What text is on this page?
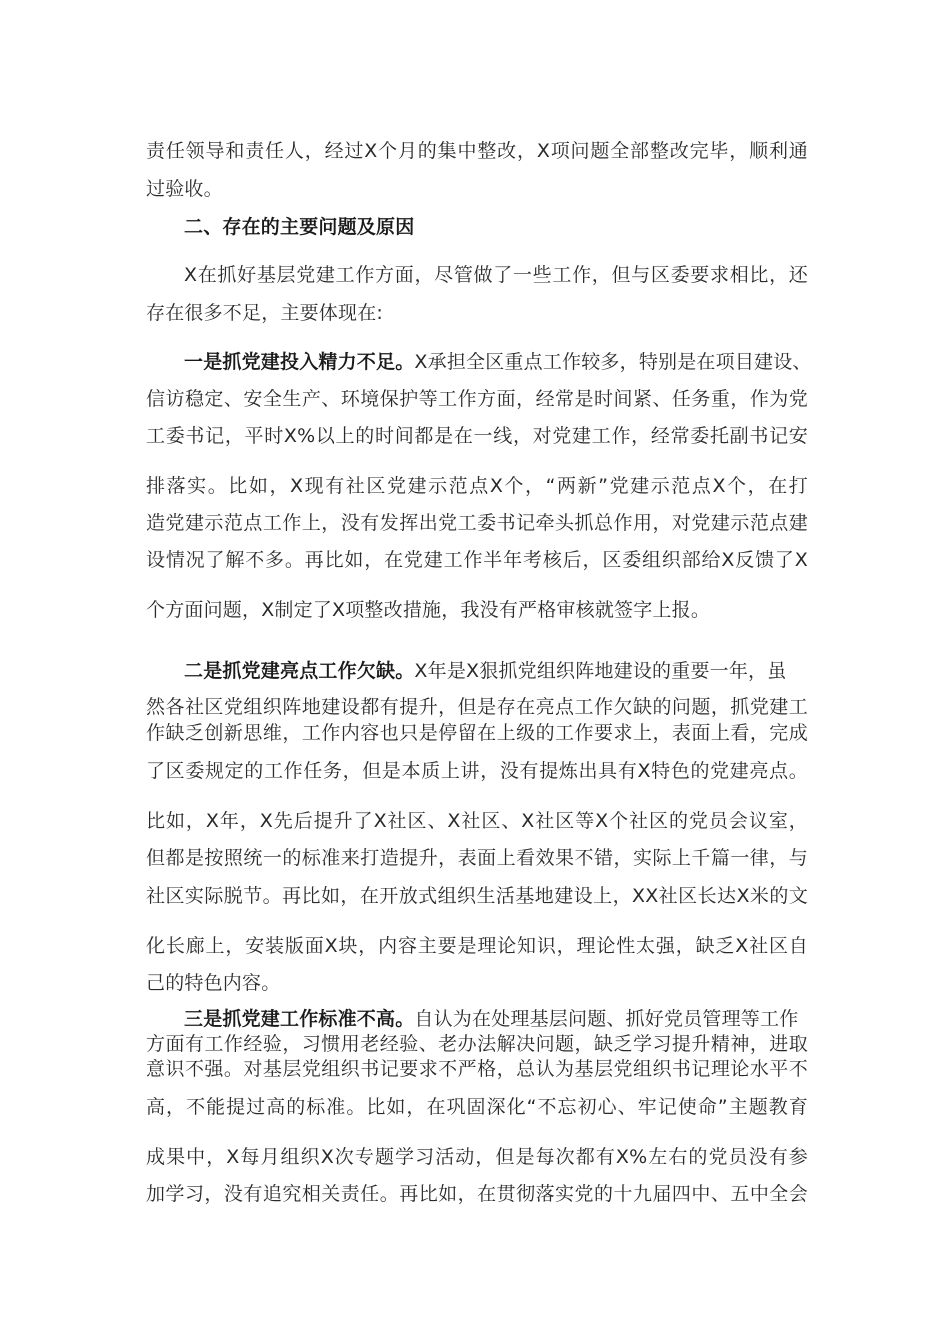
责任领导和责任人，经过X个月的集中整改，X项问题全部整改完毕，顺利通
过验收。
二、存在的主要问题及原因
X在抓好基层党建工作方面，尽管做了一些工作，但与区委要求相比，还
存在很多不足，主要体现在:
一是抓党建投入精力不足。X承担全区重点工作较多，特别是在项目建设、
信访稳定、安全生产、环境保护等工作方面，经常是时间紧、任务重，作为党
工委书记，平时X%以上的时间都是在一线，对党建工作，经常委托副书记安
排落实。比如，X现有社区党建示范点X个，“两新”党建示范点X个，在打
造党建示范点工作上，没有发挥出党工委书记牵头抓总作用，对党建示范点建
设情况了解不多。再比如，在党建工作半年考核后，区委组织部给X反馈了X
个方面问题，X制定了X项整改措施，我没有严格审核就签字上报。
二是抓党建亮点工作欠缺。X年是X狠抓党组织阵地建设的重要一年，虽
然各社区党组织阵地建设都有提升，但是存在亮点工作欠缺的问题，抓党建工
作缺乏创新思维，工作内容也只是停留在上级的工作要求上，表面上看，完成
了区委规定的工作任务，但是本质上讲，没有提炼出具有X特色的党建亮点。
比如，X年，X先后提升了X社区、X社区、X社区等X个社区的党员会议室，
但都是按照统一的标准来打造提升，表面上看效果不错，实际上千篇一律，与
社区实际脱节。再比如，在开放式组织生活基地建设上，XX社区长达X米的文
化长廊上，安装版面X块，内容主要是理论知识，理论性太强，缺乏X社区自
己的特色内容。
三是抓党建工作标准不高。自认为在处理基层问题、抓好党员管理等工作
方面有工作经验，习惯用老经验、老办法解决问题，缺乏学习提升精神，进取
意识不强。对基层党组织书记要求不严格，总认为基层党组织书记理论水平不
高，不能提过高的标准。比如，在巩固深化“不忘初心、牢记使命”主题教育
成果中，X每月组织X次专题学习活动，但是每次都有X%左右的党员没有参
加学习，没有追究相关责任。再比如，在贯彻落实党的十九届四中、五中全会
